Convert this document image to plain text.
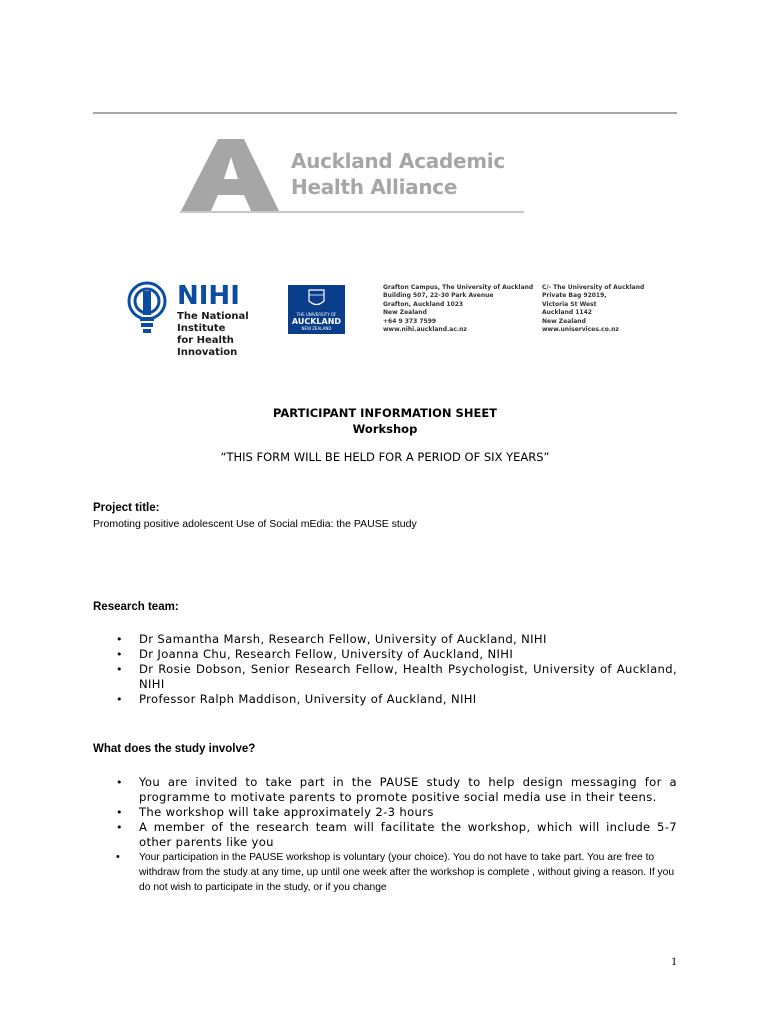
Auckland Academic
Health Alliance
NIHI
The National Institute
for Health Innovation
THE UNIVERSITY OF
AUCKLAND
NEW ZEALAND
Grafton Campus, The University of Auckland
Building 507, 22-30 Park Avenue
Grafton, Auckland 1023
New Zealand
+64 9 373 7599
www.nihi.auckland.ac.nz
C/- The University of Auckland
Private Bag 92019,
Victoria St West
Auckland 1142
New Zealand
www.uniservices.co.nz
PARTICIPANT INFORMATION SHEET
Workshop
“THIS FORM WILL BE HELD FOR A PERIOD OF SIX YEARS”
Project title:
Promoting positive adolescent Use of Social mEdia: the PAUSE study
Research team:
• Dr Samantha Marsh, Research Fellow, University of Auckland, NIHI
• Dr Joanna Chu, Research Fellow, University of Auckland, NIHI
• Dr Rosie Dobson, Senior Research Fellow, Health Psychologist, University of Auckland, NIHI
• Professor Ralph Maddison, University of Auckland, NIHI
What does the study involve?
• You are invited to take part in the PAUSE study to help design messaging for a programme to motivate parents to promote positive social media use in their teens.
• The workshop will take approximately 2-3 hours
• A member of the research team will facilitate the workshop, which will include 5-7 other parents like you
• Your participation in the PAUSE workshop is voluntary (your choice). You do not have to take part. You are free to withdraw from the study at any time, up until one week after the workshop is complete , without giving a reason. If you do not wish to participate in the study, or if you change
1
